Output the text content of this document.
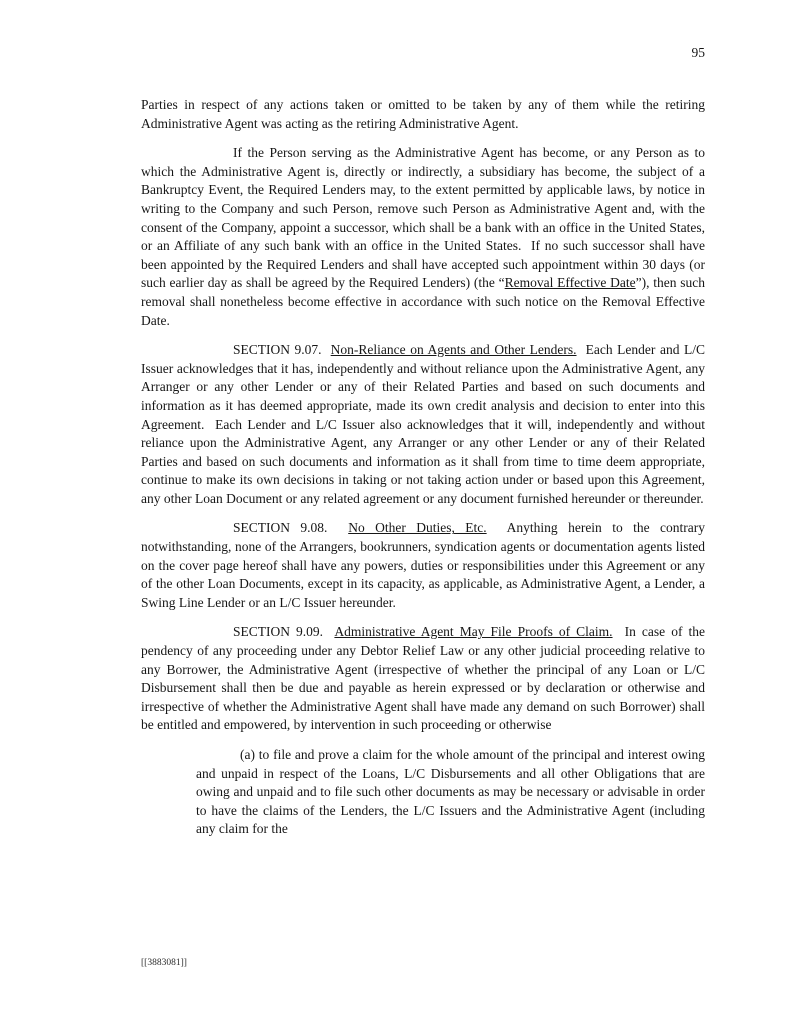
95

Parties in respect of any actions taken or omitted to be taken by any of them while the retiring Administrative Agent was acting as the retiring Administrative Agent.

If the Person serving as the Administrative Agent has become, or any Person as to which the Administrative Agent is, directly or indirectly, a subsidiary has become, the subject of a Bankruptcy Event, the Required Lenders may, to the extent permitted by applicable laws, by notice in writing to the Company and such Person, remove such Person as Administrative Agent and, with the consent of the Company, appoint a successor, which shall be a bank with an office in the United States, or an Affiliate of any such bank with an office in the United States.  If no such successor shall have been appointed by the Required Lenders and shall have accepted such appointment within 30 days (or such earlier day as shall be agreed by the Required Lenders) (the “Removal Effective Date”), then such removal shall nonetheless become effective in accordance with such notice on the Removal Effective Date.

SECTION 9.07.  Non-Reliance on Agents and Other Lenders.  Each Lender and L/C Issuer acknowledges that it has, independently and without reliance upon the Administrative Agent, any Arranger or any other Lender or any of their Related Parties and based on such documents and information as it has deemed appropriate, made its own credit analysis and decision to enter into this Agreement.  Each Lender and L/C Issuer also acknowledges that it will, independently and without reliance upon the Administrative Agent, any Arranger or any other Lender or any of their Related Parties and based on such documents and information as it shall from time to time deem appropriate, continue to make its own decisions in taking or not taking action under or based upon this Agreement, any other Loan Document or any related agreement or any document furnished hereunder or thereunder.

SECTION 9.08.  No Other Duties, Etc.  Anything herein to the contrary notwithstanding, none of the Arrangers, bookrunners, syndication agents or documentation agents listed on the cover page hereof shall have any powers, duties or responsibilities under this Agreement or any of the other Loan Documents, except in its capacity, as applicable, as Administrative Agent, a Lender, a Swing Line Lender or an L/C Issuer hereunder.

SECTION 9.09.  Administrative Agent May File Proofs of Claim.  In case of the pendency of any proceeding under any Debtor Relief Law or any other judicial proceeding relative to any Borrower, the Administrative Agent (irrespective of whether the principal of any Loan or L/C Disbursement shall then be due and payable as herein expressed or by declaration or otherwise and irrespective of whether the Administrative Agent shall have made any demand on such Borrower) shall be entitled and empowered, by intervention in such proceeding or otherwise

(a) to file and prove a claim for the whole amount of the principal and interest owing and unpaid in respect of the Loans, L/C Disbursements and all other Obligations that are owing and unpaid and to file such other documents as may be necessary or advisable in order to have the claims of the Lenders, the L/C Issuers and the Administrative Agent (including any claim for the

[[3883081]]
